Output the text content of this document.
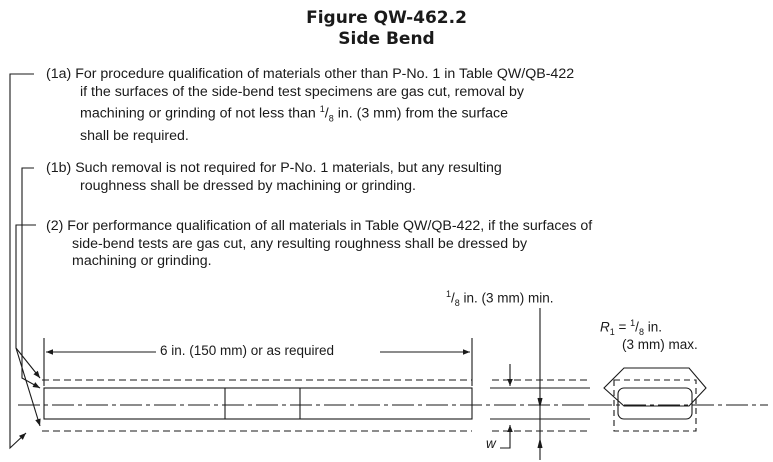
Figure QW-462.2
Side Bend

(1a) For procedure qualification of materials other than P-No. 1 in Table QW/QB-422
if the surfaces of the side-bend test specimens are gas cut, removal by
machining or grinding of not less than $^1/_8$ in. (3 mm) from the surface
shall be required.

(1b) Such removal is not required for P-No. 1 materials, but any resulting
roughness shall be dressed by machining or grinding.

(2) For performance qualification of all materials in Table QW/QB-422, if the surfaces of
side-bend tests are gas cut, any resulting roughness shall be dressed by
machining or grinding.

6 in. (150 mm) or as required
$^1/_8$ in. (3 mm) min.
$R_1 = ^1/_8$ in.
(3 mm) max.
w
